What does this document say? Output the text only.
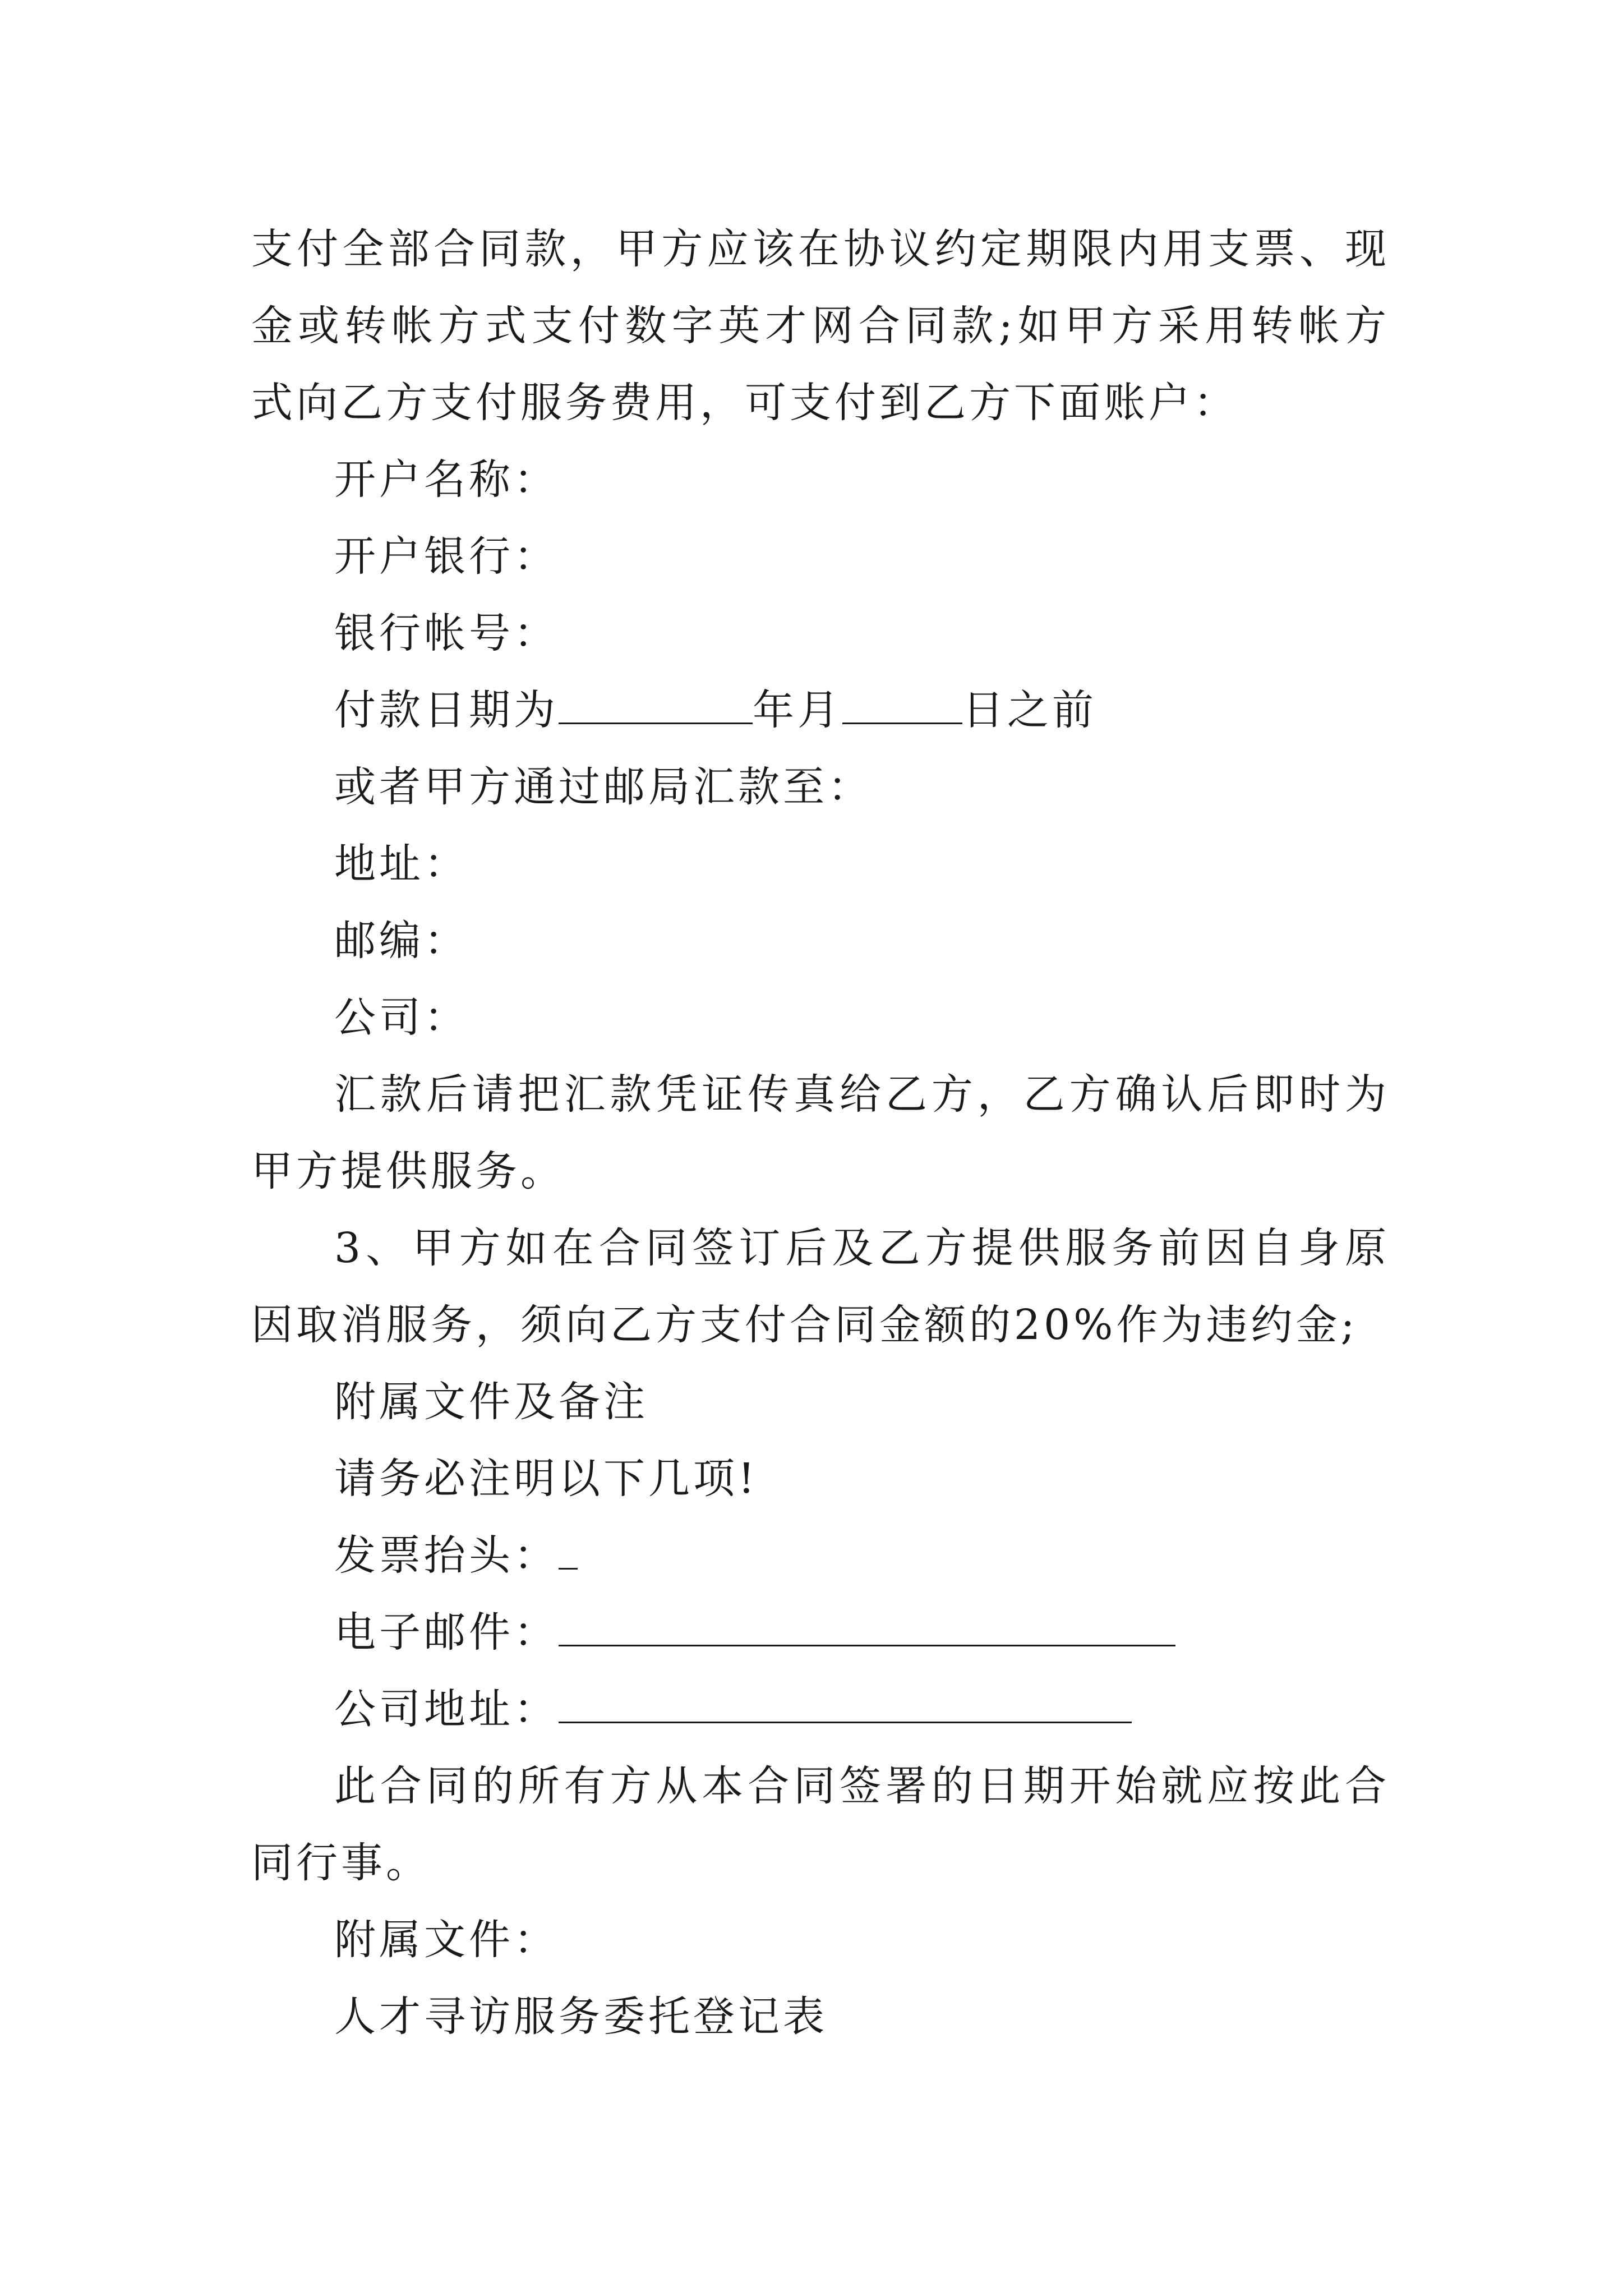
支付全部合同款，甲方应该在协议约定期限内用支票、现金或转帐方式支付数字英才网合同款;如甲方采用转帐方式向乙方支付服务费用，可支付到乙方下面账户：

开户名称：

开户银行：

银行帐号：

付款日期为	年月	日之前

或者甲方通过邮局汇款至：

地址：

邮编：

公司：

汇款后请把汇款凭证传真给乙方，乙方确认后即时为甲方提供服务。

3、甲方如在合同签订后及乙方提供服务前因自身原因取消服务，须向乙方支付合同金额的20%作为违约金;

附属文件及备注

请务必注明以下几项!

发票抬头：

电子邮件：

公司地址：

此合同的所有方从本合同签署的日期开始就应按此合同行事。

附属文件：

人才寻访服务委托登记表
